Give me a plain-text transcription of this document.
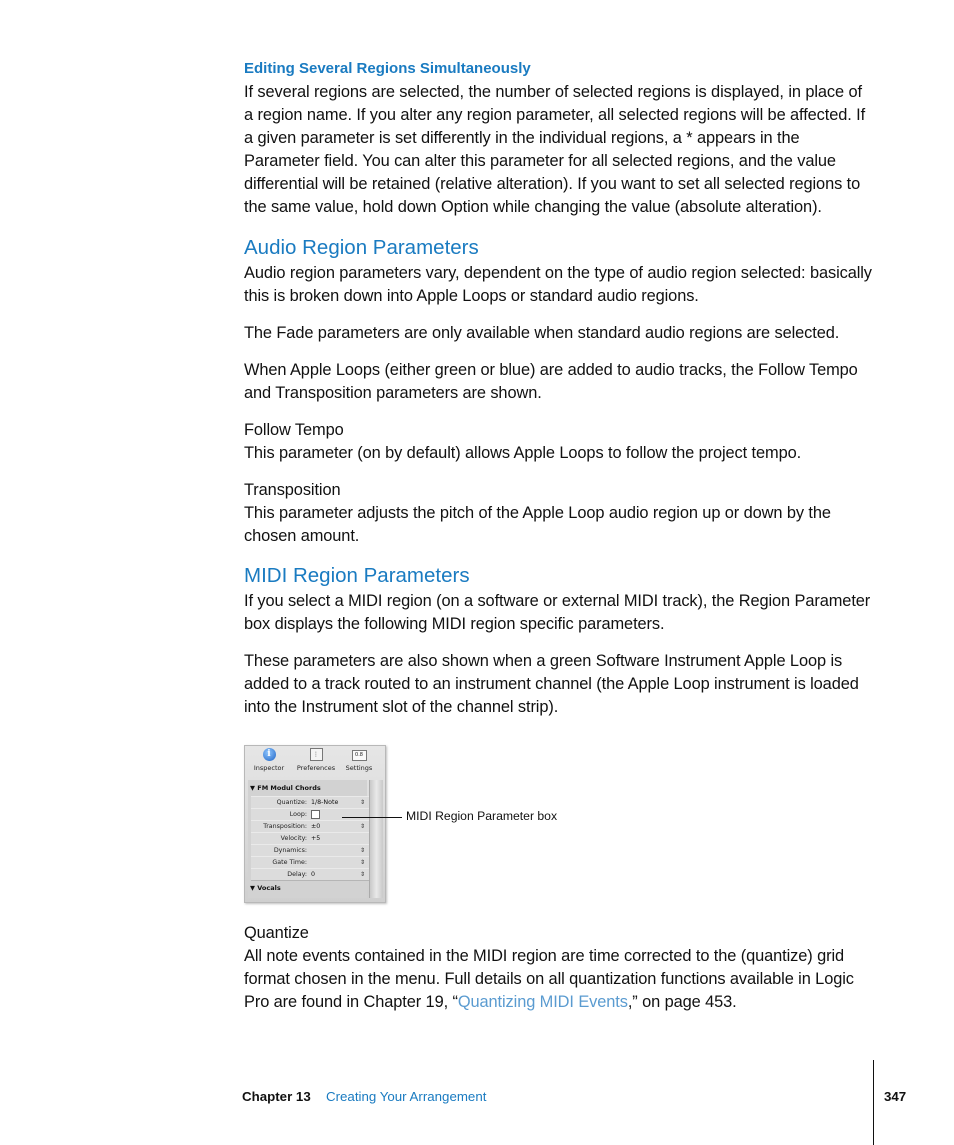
Editing Several Regions Simultaneously

If several regions are selected, the number of selected regions is displayed, in place of a region name. If you alter any region parameter, all selected regions will be affected. If a given parameter is set differently in the individual regions, a * appears in the Parameter field. You can alter this parameter for all selected regions, and the value differential will be retained (relative alteration). If you want to set all selected regions to the same value, hold down Option while changing the value (absolute alteration).

Audio Region Parameters

Audio region parameters vary, dependent on the type of audio region selected: basically this is broken down into Apple Loops or standard audio regions.

The Fade parameters are only available when standard audio regions are selected.

When Apple Loops (either green or blue) are added to audio tracks, the Follow Tempo and Transposition parameters are shown.

Follow Tempo

This parameter (on by default) allows Apple Loops to follow the project tempo.

Transposition

This parameter adjusts the pitch of the Apple Loop audio region up or down by the chosen amount.

MIDI Region Parameters

If you select a MIDI region (on a software or external MIDI track), the Region Parameter box displays the following MIDI region specific parameters.

These parameters are also shown when a green Software Instrument Apple Loop is added to a track routed to an instrument channel (the Apple Loop instrument is loaded into the Instrument slot of the channel strip).

i
Inspector
⋮
Preferences
0.8
Settings
▼ FM Modul Chords
Quantize: 1/8-Note	⇕
Loop:
Transposition: ±0	⇕
Velocity: +5
Dynamics:	⇕
Gate Time:	⇕
Delay: 0	⇕
▼ Vocals
MIDI Region Parameter box

Quantize

All note events contained in the MIDI region are time corrected to the (quantize) grid format chosen in the menu. Full details on all quantization functions available in Logic Pro are found in Chapter 19, “Quantizing MIDI Events,” on page 453.

Chapter 13 Creating Your Arrangement	347
